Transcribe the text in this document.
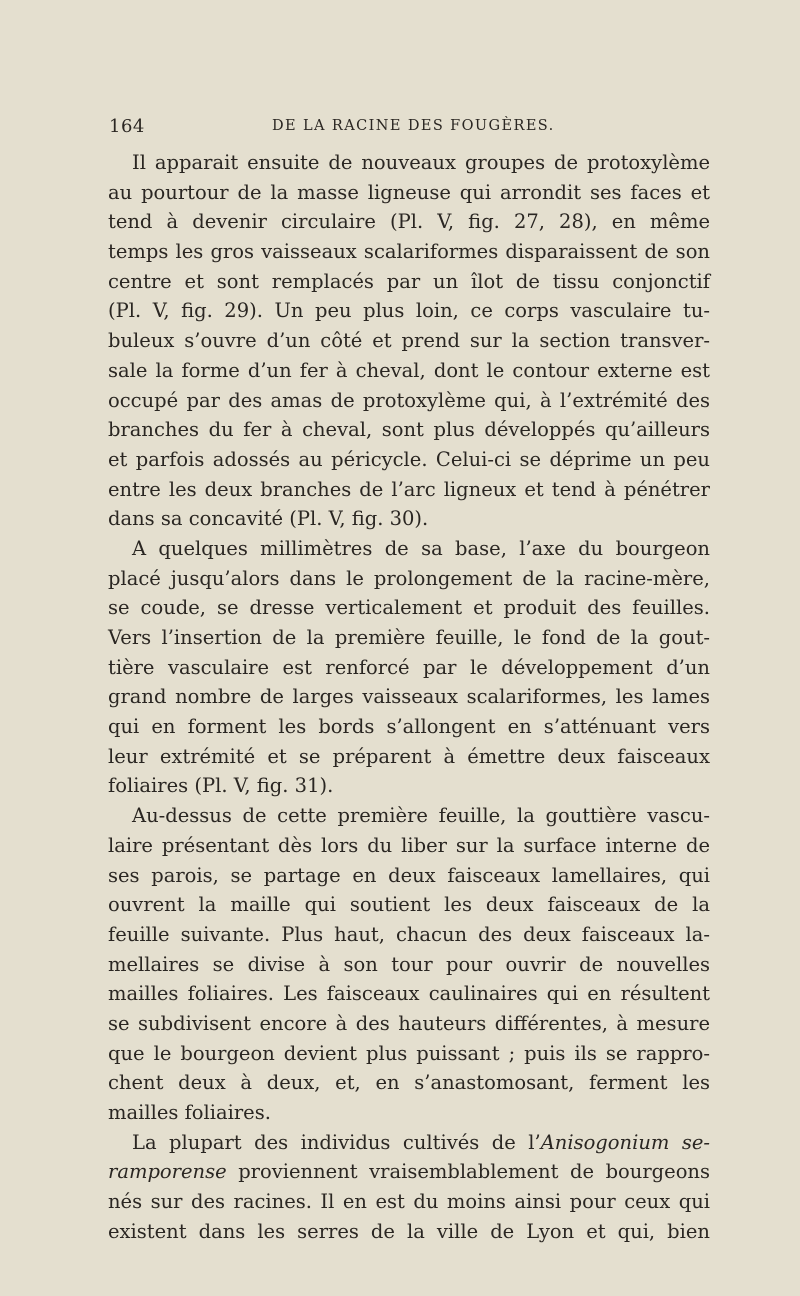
164	DE LA RACINE DES FOUGÈRES.
Il apparait ensuite de nouveaux groupes de protoxylème
au pourtour de la masse ligneuse qui arrondit ses faces et
tend à devenir circulaire (Pl. V, fig. 27, 28), en même
temps les gros vaisseaux scalariformes disparaissent de son
centre et sont remplacés par un îlot de tissu conjonctif
(Pl. V, fig. 29). Un peu plus loin, ce corps vasculaire tu-
buleux s’ouvre d’un côté et prend sur la section transver-
sale la forme d’un fer à cheval, dont le contour externe est
occupé par des amas de protoxylème qui, à l’extrémité des
branches du fer à cheval, sont plus développés qu’ailleurs
et parfois adossés au péricycle. Celui-ci se déprime un peu
entre les deux branches de l’arc ligneux et tend à pénétrer
dans sa concavité (Pl. V, fig. 30).
A quelques millimètres de sa base, l’axe du bourgeon
placé jusqu’alors dans le prolongement de la racine-mère,
se coude, se dresse verticalement et produit des feuilles.
Vers l’insertion de la première feuille, le fond de la gout-
tière vasculaire est renforcé par le développement d’un
grand nombre de larges vaisseaux scalariformes, les lames
qui en forment les bords s’allongent en s’atténuant vers
leur extrémité et se préparent à émettre deux faisceaux
foliaires (Pl. V, fig. 31).
Au-dessus de cette première feuille, la gouttière vascu-
laire présentant dès lors du liber sur la surface interne de
ses parois, se partage en deux faisceaux lamellaires, qui
ouvrent la maille qui soutient les deux faisceaux de la
feuille suivante. Plus haut, chacun des deux faisceaux la-
mellaires se divise à son tour pour ouvrir de nouvelles
mailles foliaires. Les faisceaux caulinaires qui en résultent
se subdivisent encore à des hauteurs différentes, à mesure
que le bourgeon devient plus puissant ; puis ils se rappro-
chent deux à deux, et, en s’anastomosant, ferment les
mailles foliaires.
La plupart des individus cultivés de l’Anisogonium se-
ramporense proviennent vraisemblablement de bourgeons
nés sur des racines. Il en est du moins ainsi pour ceux qui
existent dans les serres de la ville de Lyon et qui, bien
